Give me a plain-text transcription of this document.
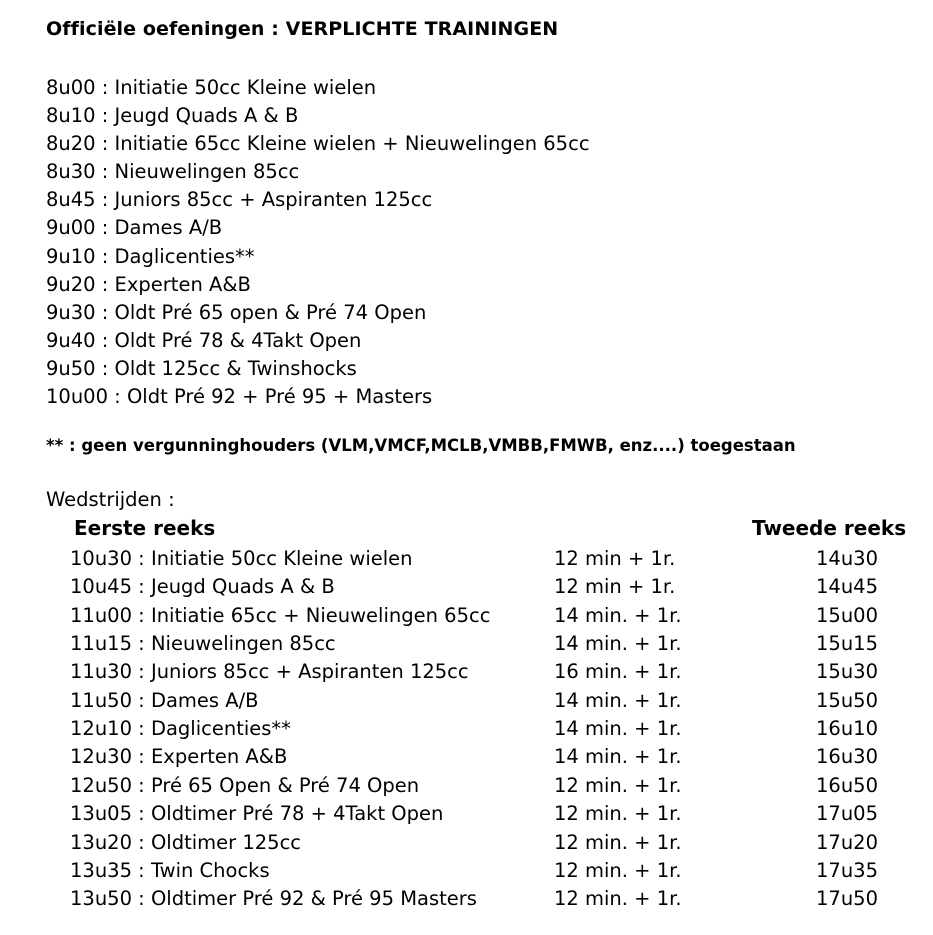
Officiële oefeningen : VERPLICHTE TRAININGEN
8u00 : Initiatie 50cc Kleine wielen
8u10 : Jeugd Quads A & B
8u20 : Initiatie 65cc Kleine wielen + Nieuwelingen 65cc
8u30 : Nieuwelingen 85cc
8u45 : Juniors 85cc + Aspiranten 125cc
9u00 : Dames A/B
9u10 : Daglicenties**
9u20 : Experten A&B
9u30 : Oldt Pré 65 open & Pré 74 Open
9u40 : Oldt Pré 78 & 4Takt Open
9u50 : Oldt 125cc & Twinshocks
10u00 : Oldt Pré 92 + Pré 95 + Masters
** : geen vergunninghouders (VLM,VMCF,MCLB,VMBB,FMWB, enz....) toegestaan
Wedstrijden :
Eerste reeks	Tweede reeks
10u30 : Initiatie 50cc Kleine wielen	12 min + 1r.	14u30
10u45 : Jeugd Quads A & B	12 min + 1r.	14u45
11u00 : Initiatie 65cc + Nieuwelingen 65cc	14 min. + 1r.	15u00
11u15 : Nieuwelingen 85cc	14 min. + 1r.	15u15
11u30 : Juniors 85cc + Aspiranten 125cc	16 min. + 1r.	15u30
11u50 : Dames A/B	14 min. + 1r.	15u50
12u10 : Daglicenties**	14 min. + 1r.	16u10
12u30 : Experten A&B	14 min. + 1r.	16u30
12u50 : Pré 65 Open & Pré 74 Open	12 min. + 1r.	16u50
13u05 : Oldtimer Pré 78 + 4Takt Open	12 min. + 1r.	17u05
13u20 : Oldtimer 125cc	12 min. + 1r.	17u20
13u35 : Twin Chocks	12 min. + 1r.	17u35
13u50 : Oldtimer Pré 92 & Pré 95 Masters	12 min. + 1r.	17u50
